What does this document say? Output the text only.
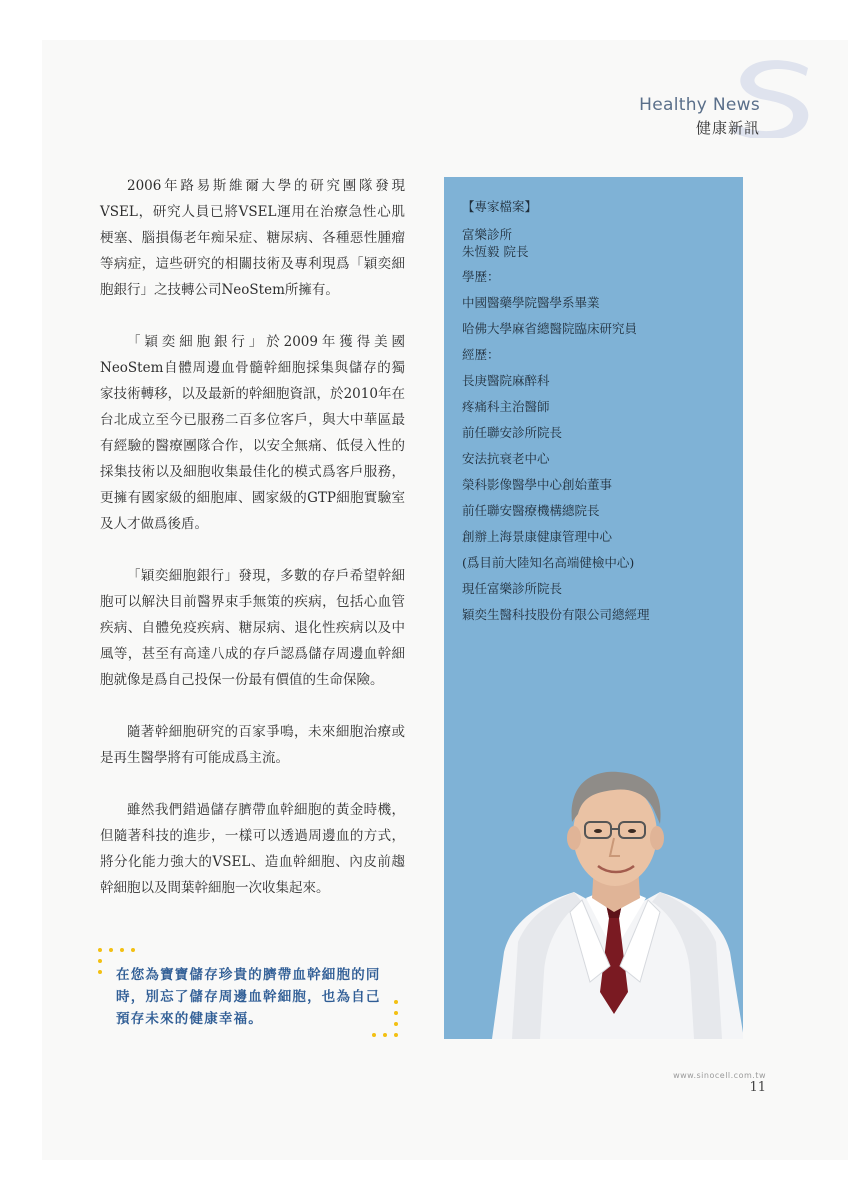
Healthy News
健康新訊

2006年路易斯維爾大學的研究團隊發現VSEL，研究人員已將VSEL運用在治療急性心肌梗塞、腦損傷老年痴呆症、糖尿病、各種惡性腫瘤等病症，這些研究的相關技術及專利現爲「穎奕細胞銀行」之技轉公司NeoStem所擁有。

「穎奕細胞銀行」於2009年獲得美國NeoStem自體周邊血骨髓幹細胞採集與儲存的獨家技術轉移，以及最新的幹細胞資訊，於2010年在台北成立至今已服務二百多位客戶，與大中華區最有經驗的醫療團隊合作，以安全無痛、低侵入性的採集技術以及細胞收集最佳化的模式爲客戶服務，更擁有國家級的細胞庫、國家級的GTP細胞實驗室及人才做爲後盾。

「穎奕細胞銀行」發現，多數的存戶希望幹細胞可以解決目前醫界束手無策的疾病，包括心血管疾病、自體免疫疾病、糖尿病、退化性疾病以及中風等，甚至有高達八成的存戶認爲儲存周邊血幹細胞就像是爲自己投保一份最有價值的生命保險。

隨著幹細胞研究的百家爭鳴，未來細胞治療或是再生醫學將有可能成爲主流。

雖然我們錯過儲存臍帶血幹細胞的黃金時機，但隨著科技的進步，一樣可以透過周邊血的方式，將分化能力強大的VSEL、造血幹細胞、內皮前趨幹細胞以及間葉幹細胞一次收集起來。

在您為寶寶儲存珍貴的臍帶血幹細胞的同
時，別忘了儲存周邊血幹細胞，也為自己
預存未來的健康幸福。
【專家檔案】
富樂診所
朱恆毅 院長
學歷：
中國醫藥學院醫學系畢業
哈佛大學麻省總醫院臨床研究員
經歷：
長庚醫院麻醉科
疼痛科主治醫師
前任聯安診所院長
安法抗衰老中心
榮科影像醫學中心創始董事
前任聯安醫療機構總院長
創辦上海景康健康管理中心
(爲目前大陸知名高端健檢中心)
現任富樂診所院長
穎奕生醫科技股份有限公司總經理
www.sinocell.com.tw 11
